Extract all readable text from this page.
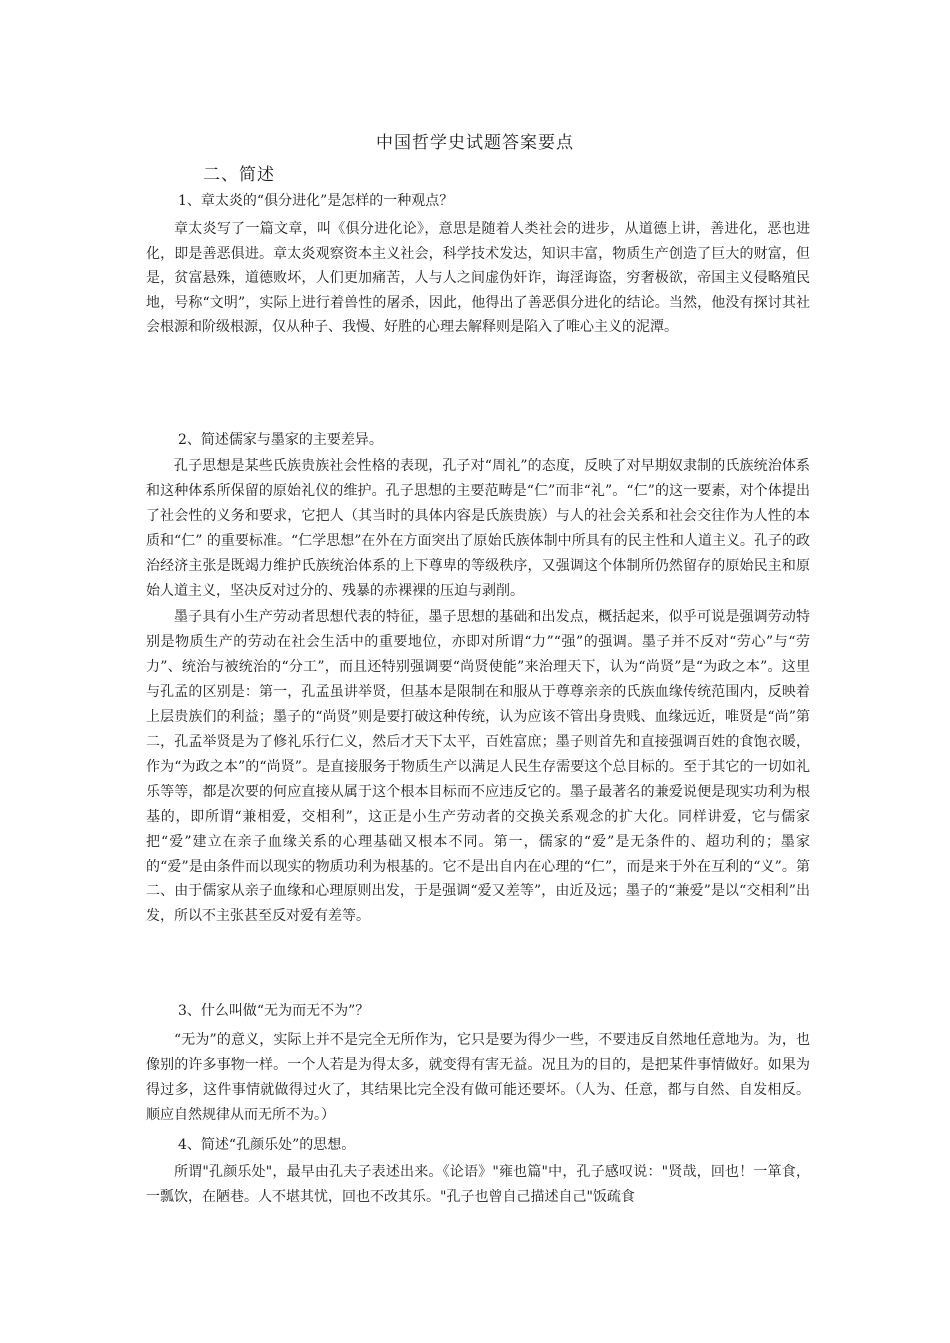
中国哲学史试题答案要点
二、简述

1、章太炎的“俱分进化”是怎样的一种观点？

章太炎写了一篇文章，叫《俱分进化论》，意思是随着人类社会的进步，从道德上讲，善进化，恶也进化，即是善恶俱进。章太炎观察资本主义社会，科学技术发达，知识丰富，物质生产创造了巨大的财富，但是，贫富悬殊，道德败坏，人们更加痛苦，人与人之间虚伪奸诈，诲淫诲盗，穷奢极欲，帝国主义侵略殖民地，号称“文明”，实际上进行着兽性的屠杀，因此，他得出了善恶俱分进化的结论。当然，他没有探讨其社会根源和阶级根源，仅从种子、我慢、好胜的心理去解释则是陷入了唯心主义的泥潭。

2、简述儒家与墨家的主要差异。

孔子思想是某些氏族贵族社会性格的表现，孔子对“周礼”的态度，反映了对早期奴隶制的氏族统治体系和这种体系所保留的原始礼仪的维护。孔子思想的主要范畴是“仁”而非“礼”。“仁”的这一要素，对个体提出了社会性的义务和要求，它把人（其当时的具体内容是氏族贵族）与人的社会关系和社会交往作为人性的本质和“仁” 的重要标准。“仁学思想”在外在方面突出了原始氏族体制中所具有的民主性和人道主义。孔子的政治经济主张是既竭力维护氏族统治体系的上下尊卑的等级秩序，又强调这个体制所仍然留存的原始民主和原始人道主义，坚决反对过分的、残暴的赤裸裸的压迫与剥削。

墨子具有小生产劳动者思想代表的特征，墨子思想的基础和出发点，概括起来，似乎可说是强调劳动特别是物质生产的劳动在社会生活中的重要地位，亦即对所谓“力”“强”的强调。墨子并不反对“劳心”与“劳力”、统治与被统治的“分工”，而且还特别强调要“尚贤使能”来治理天下，认为“尚贤”是“为政之本”。这里与孔孟的区别是：第一，孔孟虽讲举贤，但基本是限制在和服从于尊尊亲亲的氏族血缘传统范围内，反映着上层贵族们的利益；墨子的“尚贤”则是要打破这种传统，认为应该不管出身贵贱、血缘远近，唯贤是“尚”第二，孔孟举贤是为了修礼乐行仁义，然后才天下太平，百姓富庶；墨子则首先和直接强调百姓的食饱衣暖，作为“为政之本”的“尚贤”。是直接服务于物质生产以满足人民生存需要这个总目标的。至于其它的一切如礼乐等等，都是次要的何应直接从属于这个根本目标而不应违反它的。墨子最著名的兼爱说便是现实功利为根基的，即所谓“兼相爱，交相利”，这正是小生产劳动者的交换关系观念的扩大化。同样讲爱，它与儒家把“爱”建立在亲子血缘关系的心理基础又根本不同。第一，儒家的“爱”是无条件的、超功利的；墨家的“爱”是由条件而以现实的物质功利为根基的。它不是出自内在心理的“仁”，而是来于外在互利的“义”。第二、由于儒家从亲子血缘和心理原则出发，于是强调“爱又差等”，由近及远；墨子的“兼爱”是以“交相利”出发，所以不主张甚至反对爱有差等。

3、什么叫做“无为而无不为”？

“无为”的意义，实际上并不是完全无所作为，它只是要为得少一些，不要违反自然地任意地为。为，也像别的许多事物一样。一个人若是为得太多，就变得有害无益。况且为的目的，是把某件事情做好。如果为得过多，这件事情就做得过火了，其结果比完全没有做可能还要坏。（人为、任意，都与自然、自发相反。顺应自然规律从而无所不为。）

4、简述“孔颜乐处”的思想。

所谓"孔颜乐处"，最早由孔夫子表述出来。《论语》"雍也篇"中，孔子感叹说："贤哉，回也！一箪食，一瓢饮，在陋巷。人不堪其忧，回也不改其乐。"孔子也曾自己描述自己"饭疏食
